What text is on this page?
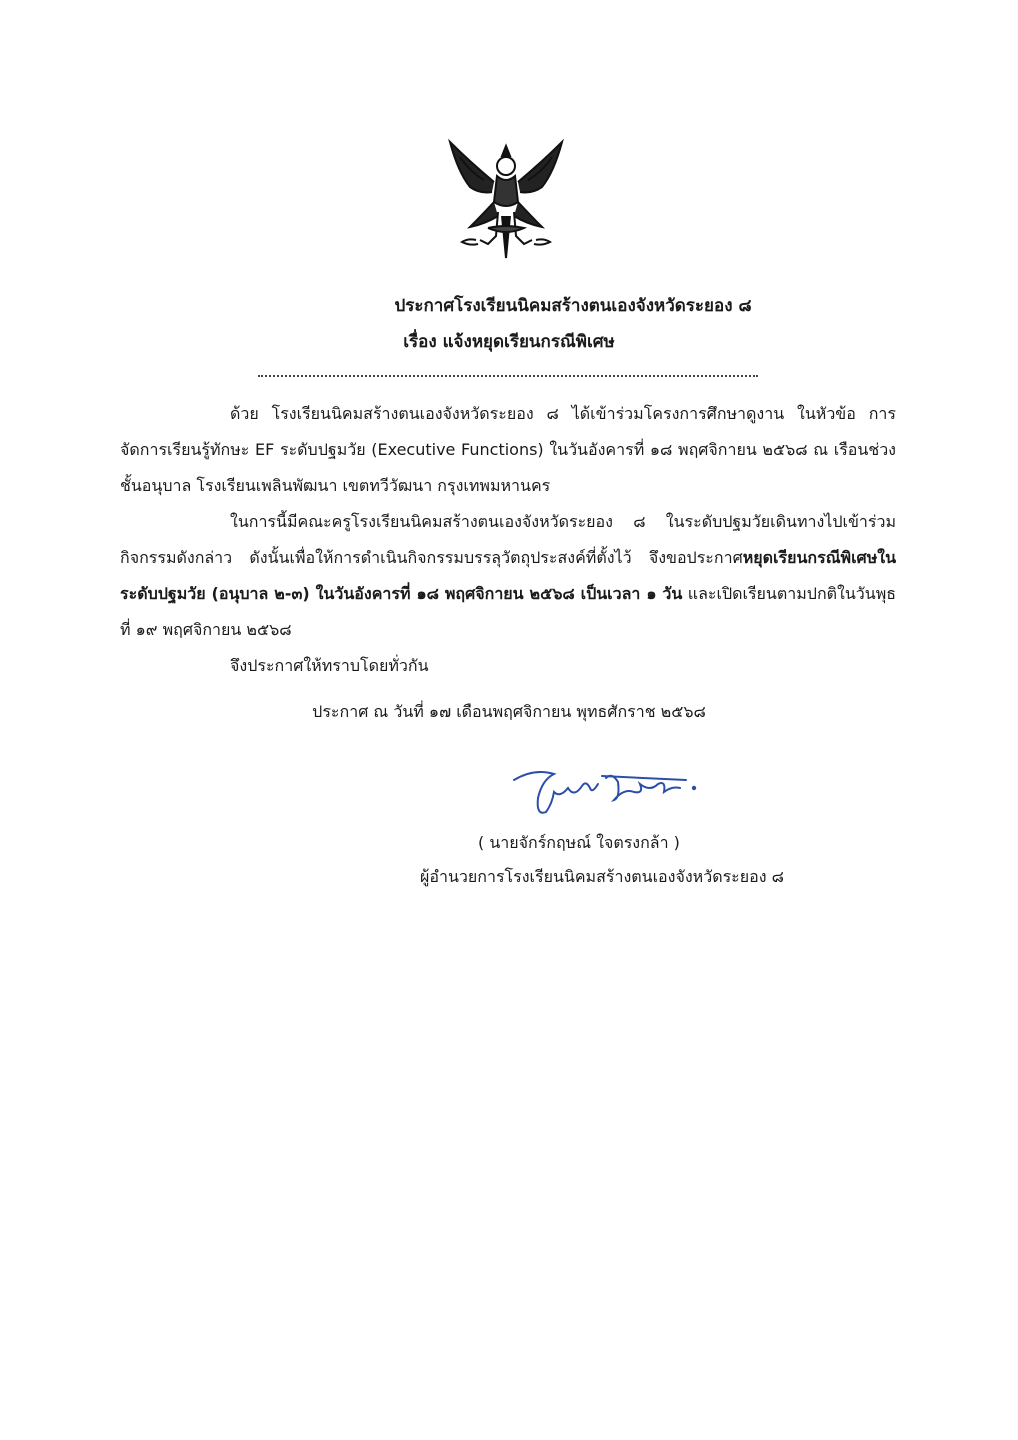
ประกาศโรงเรียนนิคมสร้างตนเองจังหวัดระยอง ๘
เรื่อง แจ้งหยุดเรียนกรณีพิเศษ

ด้วย โรงเรียนนิคมสร้างตนเองจังหวัดระยอง ๘ ได้เข้าร่วมโครงการศึกษาดูงาน ในหัวข้อ การจัดการเรียนรู้ทักษะ EF ระดับปฐมวัย (Executive Functions) ในวันอังคารที่ ๑๘ พฤศจิกายน ๒๕๖๘ ณ เรือนช่วงชั้นอนุบาล โรงเรียนเพลินพัฒนา เขตทวีวัฒนา กรุงเทพมหานคร

ในการนี้มีคณะครูโรงเรียนนิคมสร้างตนเองจังหวัดระยอง ๘ ในระดับปฐมวัยเดินทางไปเข้าร่วมกิจกรรมดังกล่าว ดังนั้นเพื่อให้การดำเนินกิจกรรมบรรลุวัตถุประสงค์ที่ตั้งไว้ จึงขอประกาศหยุดเรียนกรณีพิเศษในระดับปฐมวัย (อนุบาล ๒-๓) ในวันอังคารที่ ๑๘ พฤศจิกายน ๒๕๖๘ เป็นเวลา ๑ วัน และเปิดเรียนตามปกติในวันพุธที่ ๑๙ พฤศจิกายน ๒๕๖๘

จึงประกาศให้ทราบโดยทั่วกัน

ประกาศ ณ วันที่ ๑๗ เดือนพฤศจิกายน พุทธศักราช ๒๕๖๘
( นายจักร์กฤษณ์ ใจตรงกล้า )
ผู้อำนวยการโรงเรียนนิคมสร้างตนเองจังหวัดระยอง ๘
